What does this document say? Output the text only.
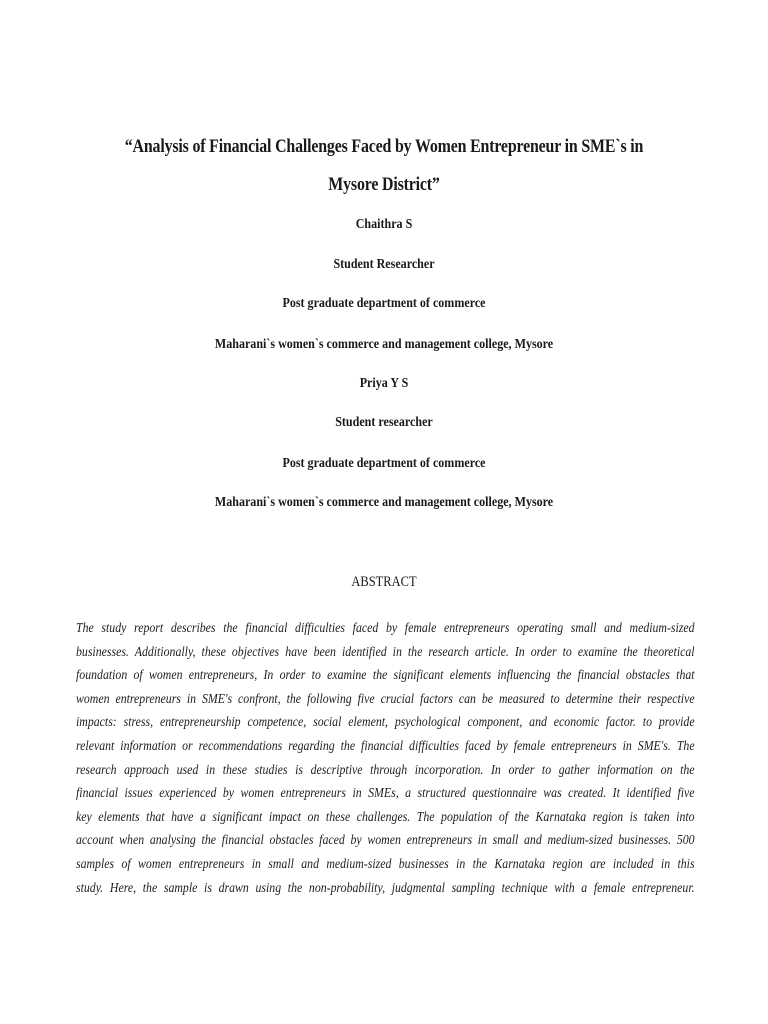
“Analysis of Financial Challenges Faced by Women Entrepreneur in SME`s in
Mysore District”
Chaithra S
Student Researcher
Post graduate department of commerce
Maharani`s women`s commerce and management college, Mysore
Priya Y S
Student researcher
Post graduate department of commerce
Maharani`s women`s commerce and management college, Mysore
ABSTRACT
The study report describes the financial difficulties faced by female entrepreneurs operating small and medium-sized
businesses. Additionally, these objectives have been identified in the research article. In order to examine the theoretical
foundation of women entrepreneurs, In order to examine the significant elements influencing the financial obstacles that
women entrepreneurs in SME's confront, the following five crucial factors can be measured to determine their respective
impacts: stress, entrepreneurship competence, social element, psychological component, and economic factor. to provide
relevant information or recommendations regarding the financial difficulties faced by female entrepreneurs in SME's. The
research approach used in these studies is descriptive through incorporation. In order to gather information on the
financial issues experienced by women entrepreneurs in SMEs, a structured questionnaire was created. It identified five
key elements that have a significant impact on these challenges. The population of the Karnataka region is taken into
account when analysing the financial obstacles faced by women entrepreneurs in small and medium-sized businesses. 500
samples of women entrepreneurs in small and medium-sized businesses in the Karnataka region are included in this
study. Here, the sample is drawn using the non-probability, judgmental sampling technique with a female entrepreneur.
